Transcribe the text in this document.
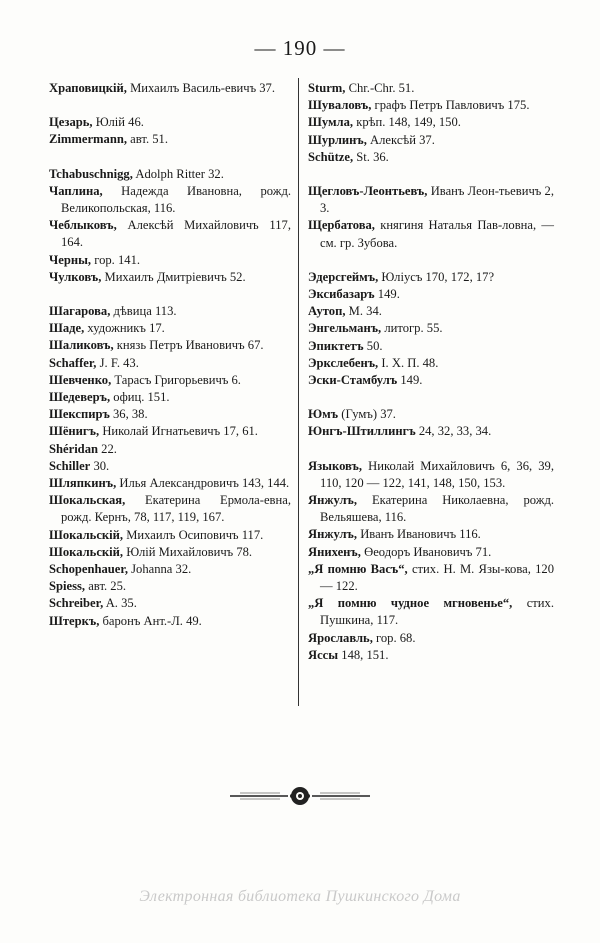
— 190 —
Храповицкій, Михаилъ Василь-евичъ 37.
Цезарь, Юлій 46.
Zimmermann, авт. 51.
Tchabuschnigg, Adolph Ritter 32.
Чаплина, Надежда Ивановна, рожд. Великопольская, 116.
Чеблыковъ, Алексѣй Михайловичъ 117, 164.
Черны, гор. 141.
Чулковъ, Михаилъ Дмитріевичъ 52.
Шагарова, дѣвица 113.
Шаде, художникъ 17.
Шаликовъ, князь Петръ Ивановичъ 67.
Schaffer, J. F. 43.
Шевченко, Тарасъ Григорьевичъ 6.
Шедеверъ, офиц. 151.
Шекспиръ 36, 38.
Шёнигъ, Николай Игнатьевичъ 17, 61.
Shéridan 22.
Schiller 30.
Шляпкинъ, Илья Александровичъ 143, 144.
Шокальская, Екатерина Ермола-евна, рожд. Кернъ, 78, 117, 119, 167.
Шокальскій, Михаилъ Осиповичъ 117.
Шокальскій, Юлій Михайловичъ 78.
Schopenhauer, Johanna 32.
Spiess, авт. 25.
Schreiber, A. 35.
Штеркъ, баронъ Ант.-Л. 49.
Sturm, Chr.-Chr. 51.
Шуваловъ, графъ Петръ Павловичъ 175.
Шумла, крѣп. 148, 149, 150.
Шурлинъ, Алексѣй 37.
Schütze, St. 36.
Щегловъ-Леонтьевъ, Иванъ Леон-тьевичъ 2, 3.
Щербатова, княгиня Наталья Пав-ловна, — см. гр. Зубова.
Эдерсгеймъ, Юліусъ 170, 172, 17?
Эксибазаръ 149.
Аутоп, М. 34.
Энгельманъ, литогр. 55.
Эпиктетъ 50.
Эркслебенъ, І. Х. П. 48.
Эски-Стамбулъ 149.
Юмъ (Гумъ) 37.
Юнгъ-Штиллингъ 24, 32, 33, 34.
Языковъ, Николай Михайловичъ 6, 36, 39, 110, 120 — 122, 141, 148, 150, 153.
Янжулъ, Екатерина Николаевна, рожд. Вельяшева, 116.
Янжулъ, Иванъ Ивановичъ 116.
Янихенъ, Өеодоръ Ивановичъ 71.
„Я помню Васъ“, стих. Н. М. Язы-кова, 120 — 122.
„Я помню чудное мгновенье“, стих. Пушкина, 117.
Ярославль, гор. 68.
Яссы 148, 151.
Электронная библиотека Пушкинского Дома
